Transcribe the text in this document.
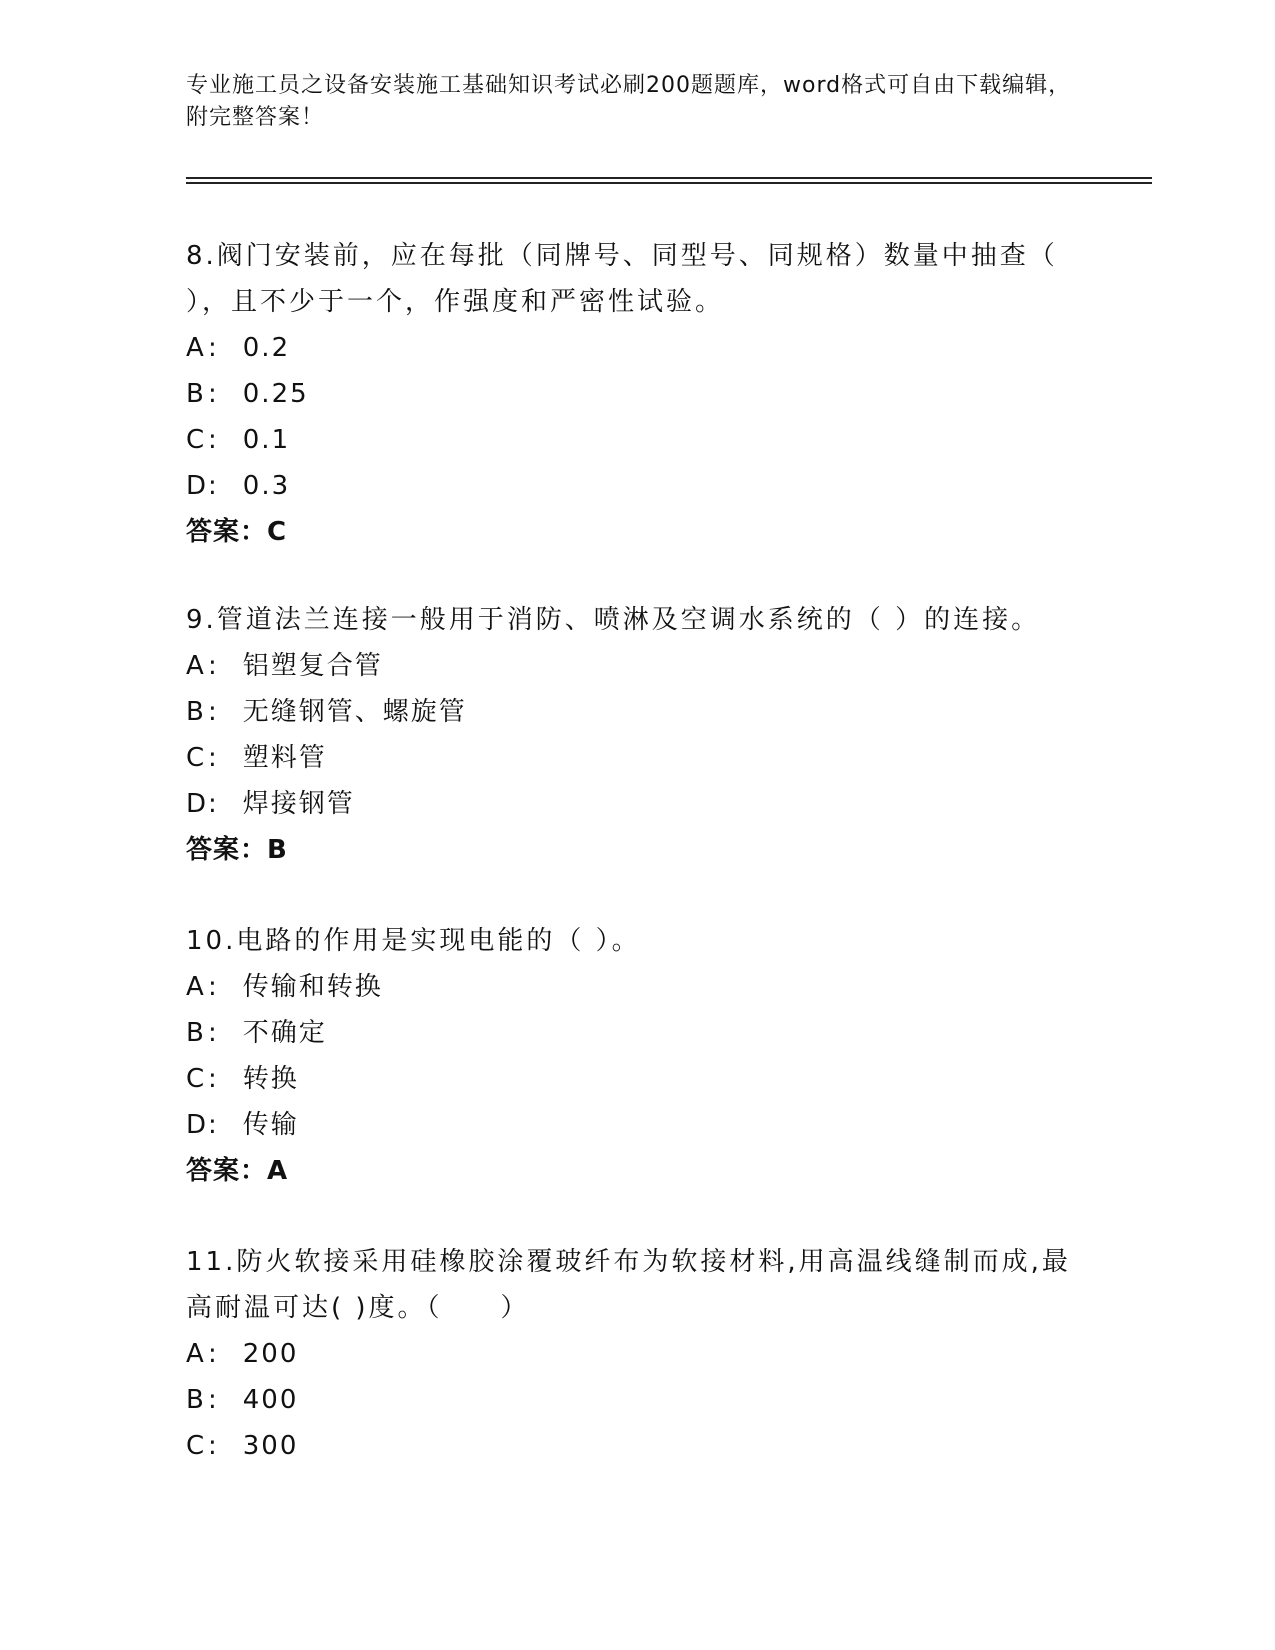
专业施工员之设备安装施工基础知识考试必刷200题题库，word格式可自由下载编辑，附完整答案！

8.阀门安装前，应在每批（同牌号、同型号、同规格）数量中抽查（ ），且不少于一个，作强度和严密性试验。

A: 0.2

B: 0.25

C: 0.1

D: 0.3

答案：C

9.管道法兰连接一般用于消防、喷淋及空调水系统的（ ）的连接。

A: 铝塑复合管

B: 无缝钢管、螺旋管

C: 塑料管

D: 焊接钢管

答案：B

10.电路的作用是实现电能的（ ）。

A: 传输和转换

B: 不确定

C: 转换

D: 传输

答案：A

11.防火软接采用硅橡胶涂覆玻纤布为软接材料,用高温线缝制而成,最高耐温可达( )度。（　　）

A: 200

B: 400

C: 300
